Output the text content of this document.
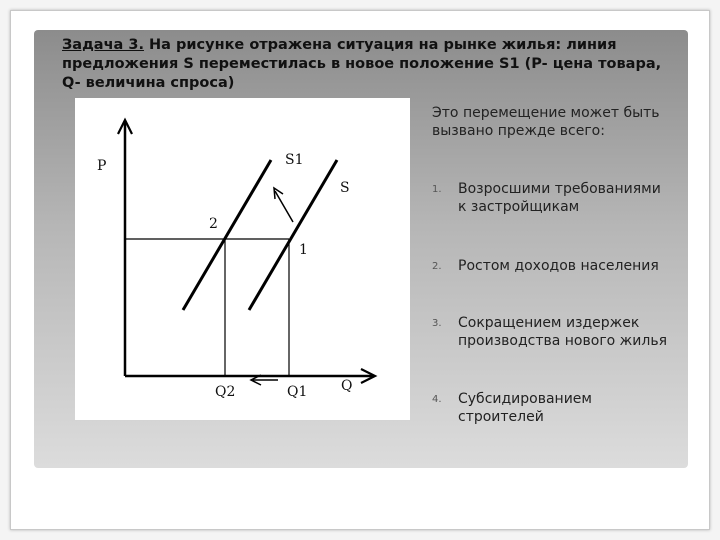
Задача 3. На рисунке отражена ситуация на рынке жилья: линия предложения S переместилась в новое положение S1 (P- цена товара, Q- величина спроса)
P
Q
S1
S
2
1
Q2	Q1
Это перемещение может быть вызвано прежде всего:
1. Возросшими требованиями к застройщикам
2. Ростом доходов населения
3. Сокращением издержек производства нового жилья
4. Субсидированием строителей
